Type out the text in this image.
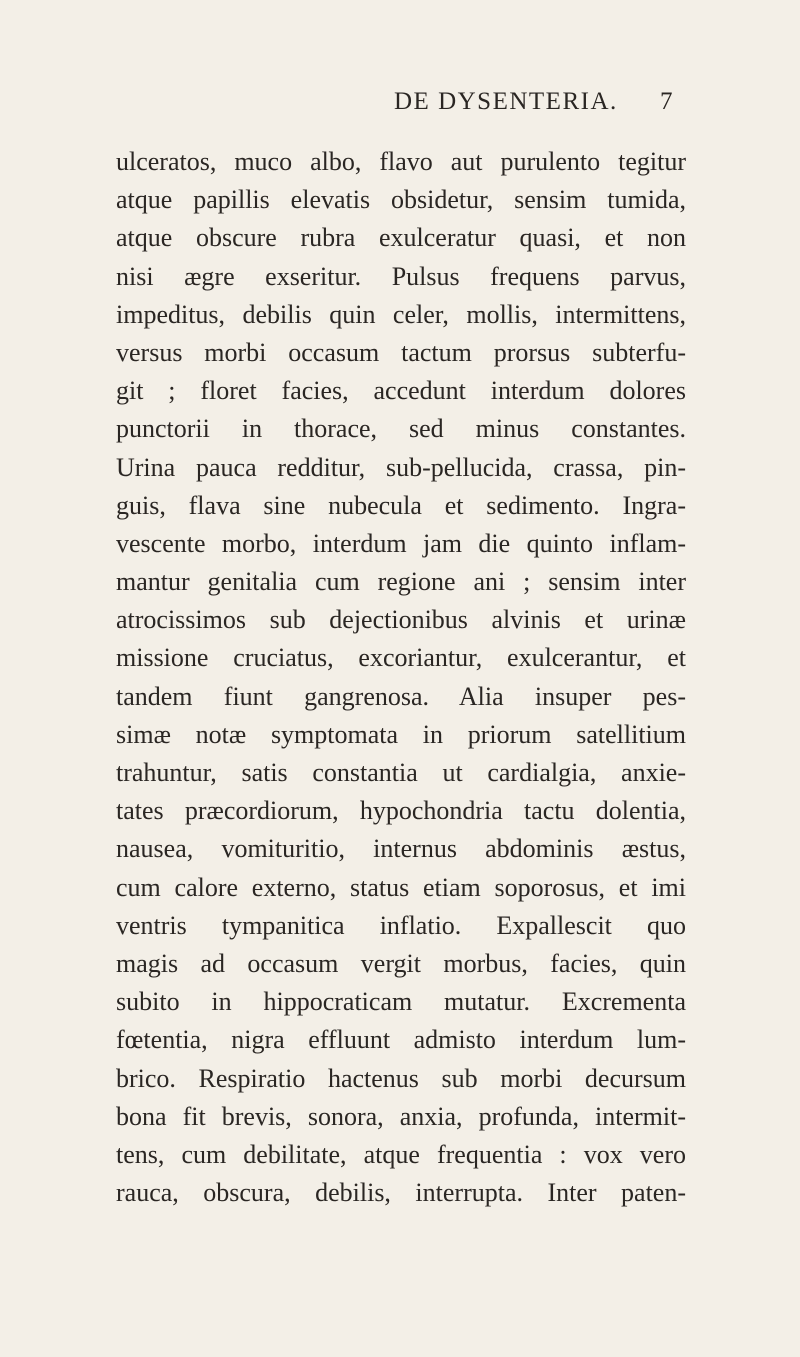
DE DYSENTERIA. 7
ulceratos, muco albo, flavo aut purulento tegitur
atque papillis elevatis obsidetur, sensim tumida,
atque obscure rubra exulceratur quasi, et non
nisi ægre exseritur. Pulsus frequens parvus,
impeditus, debilis quin celer, mollis, intermittens,
versus morbi occasum tactum prorsus subterfu-
git ; floret facies, accedunt interdum dolores
punctorii in thorace, sed minus constantes.
Urina pauca redditur, sub-pellucida, crassa, pin-
guis, flava sine nubecula et sedimento. Ingra-
vescente morbo, interdum jam die quinto inflam-
mantur genitalia cum regione ani ; sensim inter
atrocissimos sub dejectionibus alvinis et urinæ
missione cruciatus, excoriantur, exulcerantur, et
tandem fiunt gangrenosa. Alia insuper pes-
simæ notæ symptomata in priorum satellitium
trahuntur, satis constantia ut cardialgia, anxie-
tates præcordiorum, hypochondria tactu dolentia,
nausea, vomituritio, internus abdominis æstus,
cum calore externo, status etiam soporosus, et imi
ventris tympanitica inflatio. Expallescit quo
magis ad occasum vergit morbus, facies, quin
subito in hippocraticam mutatur. Excrementa
fœtentia, nigra effluunt admisto interdum lum-
brico. Respiratio hactenus sub morbi decursum
bona fit brevis, sonora, anxia, profunda, intermit-
tens, cum debilitate, atque frequentia : vox vero
rauca, obscura, debilis, interrupta. Inter paten-
